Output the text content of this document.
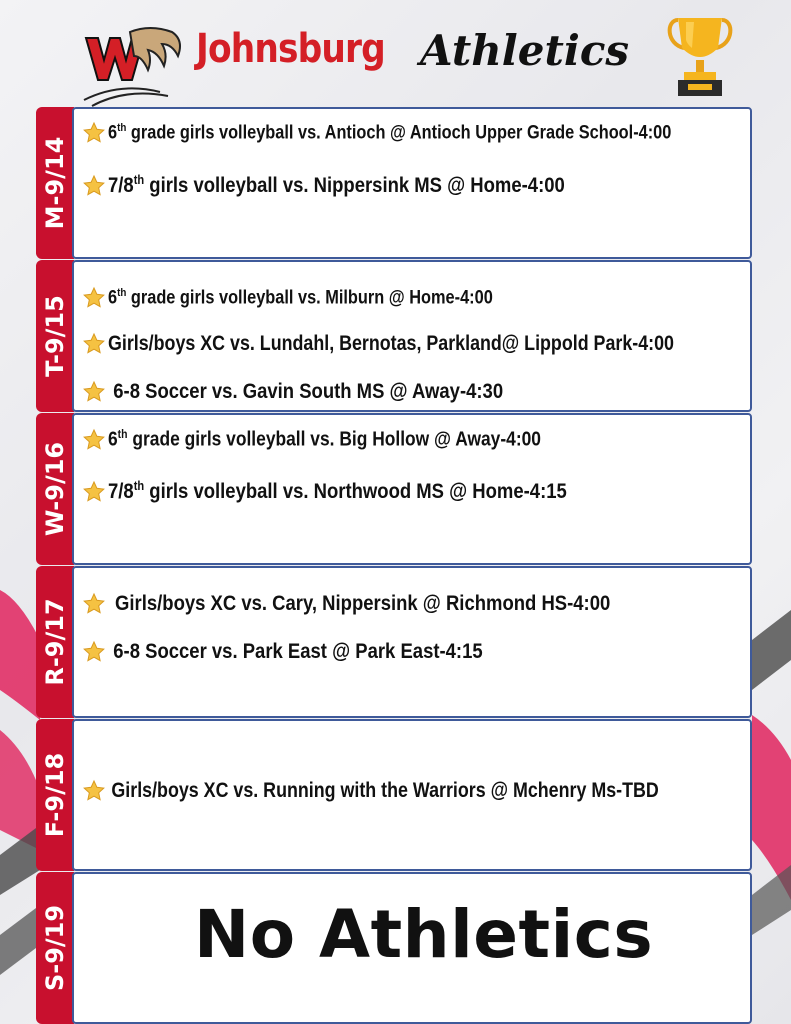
Johnsburg Athletics
M-9/14
6th grade girls volleyball vs. Antioch @ Antioch Upper Grade School-4:00
7/8th girls volleyball vs. Nippersink MS @ Home-4:00
T-9/15	6th grade girls volleyball vs. Milburn @ Home-4:00
Girls/boys XC vs. Lundahl, Bernotas, Parkland@ Lippold Park-4:00
6-8 Soccer vs. Gavin South MS @ Away-4:30
W-9/16
6th grade girls volleyball vs. Big Hollow @ Away-4:00
7/8th girls volleyball vs. Northwood MS @ Home-4:15
R-9/17	Girls/boys XC vs. Cary, Nippersink @ Richmond HS-4:00
6-8 Soccer vs. Park East @ Park East-4:15
F-9/18	Girls/boys XC vs. Running with the Warriors @ Mchenry Ms-TBD
S-9/19 No Athletics
